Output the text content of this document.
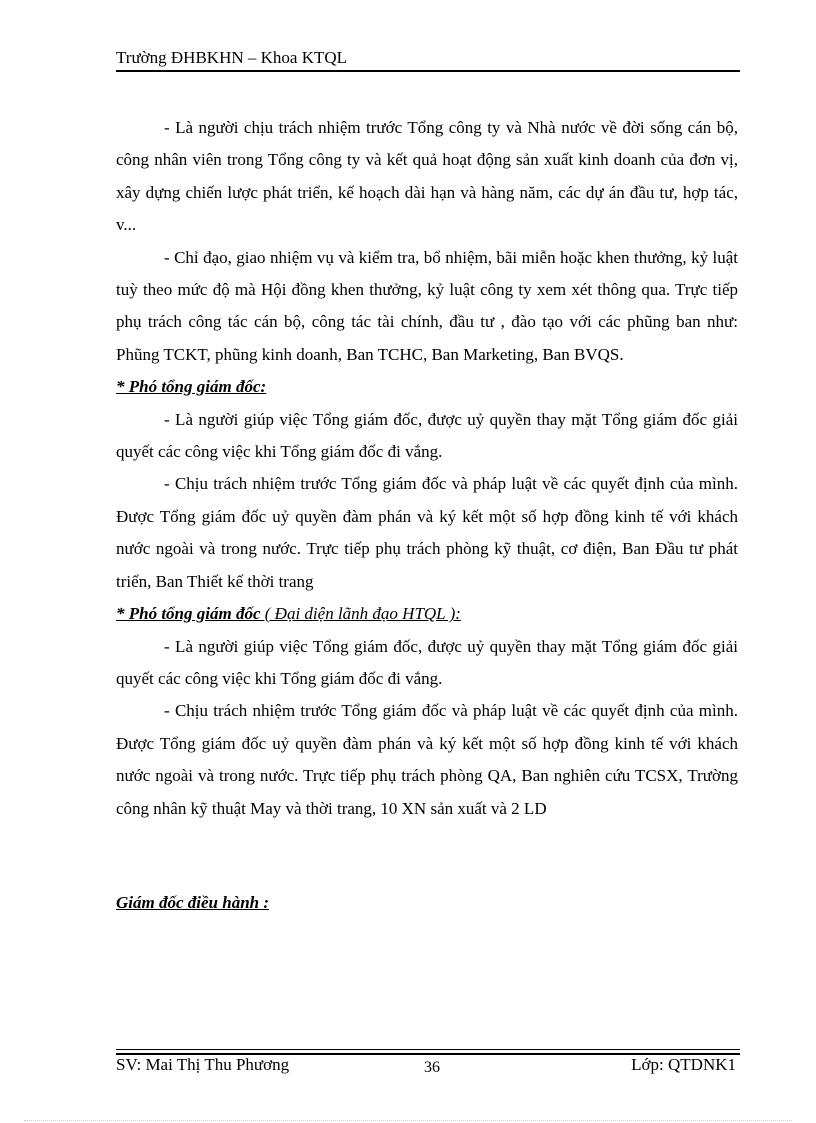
Trường ĐHBKHN – Khoa KTQL

- Là người chịu trách nhiệm trước Tổng công ty và Nhà nước về đời sống cán bộ, công nhân viên trong Tổng công ty và kết quả hoạt động sản xuất kinh doanh của đơn vị, xây dựng chiến lược phát triển, kế hoạch dài hạn và hàng năm, các dự án đầu tư, hợp tác, v...

- Chỉ đạo, giao nhiệm vụ và kiểm tra, bổ nhiệm, bãi miễn hoặc khen thưởng, kỷ luật tuỳ theo mức độ mà Hội đồng khen thưởng, kỷ luật công ty xem xét thông qua. Trực tiếp phụ trách công tác cán bộ, công tác tài chính, đầu tư , đào tạo với các phũng ban như: Phũng TCKT, phũng kinh doanh, Ban TCHC, Ban Marketing, Ban BVQS.

* Phó tổng giám đốc:

- Là người giúp việc Tổng giám đốc, được uỷ quyền thay mặt Tổng giám đốc giải quyết các công việc khi Tổng giám đốc đi vắng.

- Chịu trách nhiệm trước Tổng giám đốc và pháp luật về các quyết định của mình. Được Tổng giám đốc uỷ quyền đàm phán và ký kết một số hợp đồng kinh tế với khách nước ngoài và trong nước. Trực tiếp phụ trách phòng kỹ thuật, cơ điện, Ban Đầu tư phát triển, Ban Thiết kế thời trang

* Phó tổng giám đốc ( Đại diện lãnh đạo HTQL ):

- Là người giúp việc Tổng giám đốc, được uỷ quyền thay mặt Tổng giám đốc giải quyết các công việc khi Tổng giám đốc đi vắng.

- Chịu trách nhiệm trước Tổng giám đốc và pháp luật về các quyết định của mình. Được Tổng giám đốc uỷ quyền đàm phán và ký kết một số hợp đồng kinh tế với khách nước ngoài và trong nước. Trực tiếp phụ trách phòng QA, Ban nghiên cứu TCSX, Trường công nhân kỹ thuật May và thời trang, 10 XN sản xuất và 2 LD

Giám đốc điều hành :

SV: Mai Thị Thu Phương	36	Lớp: QTDNK1
